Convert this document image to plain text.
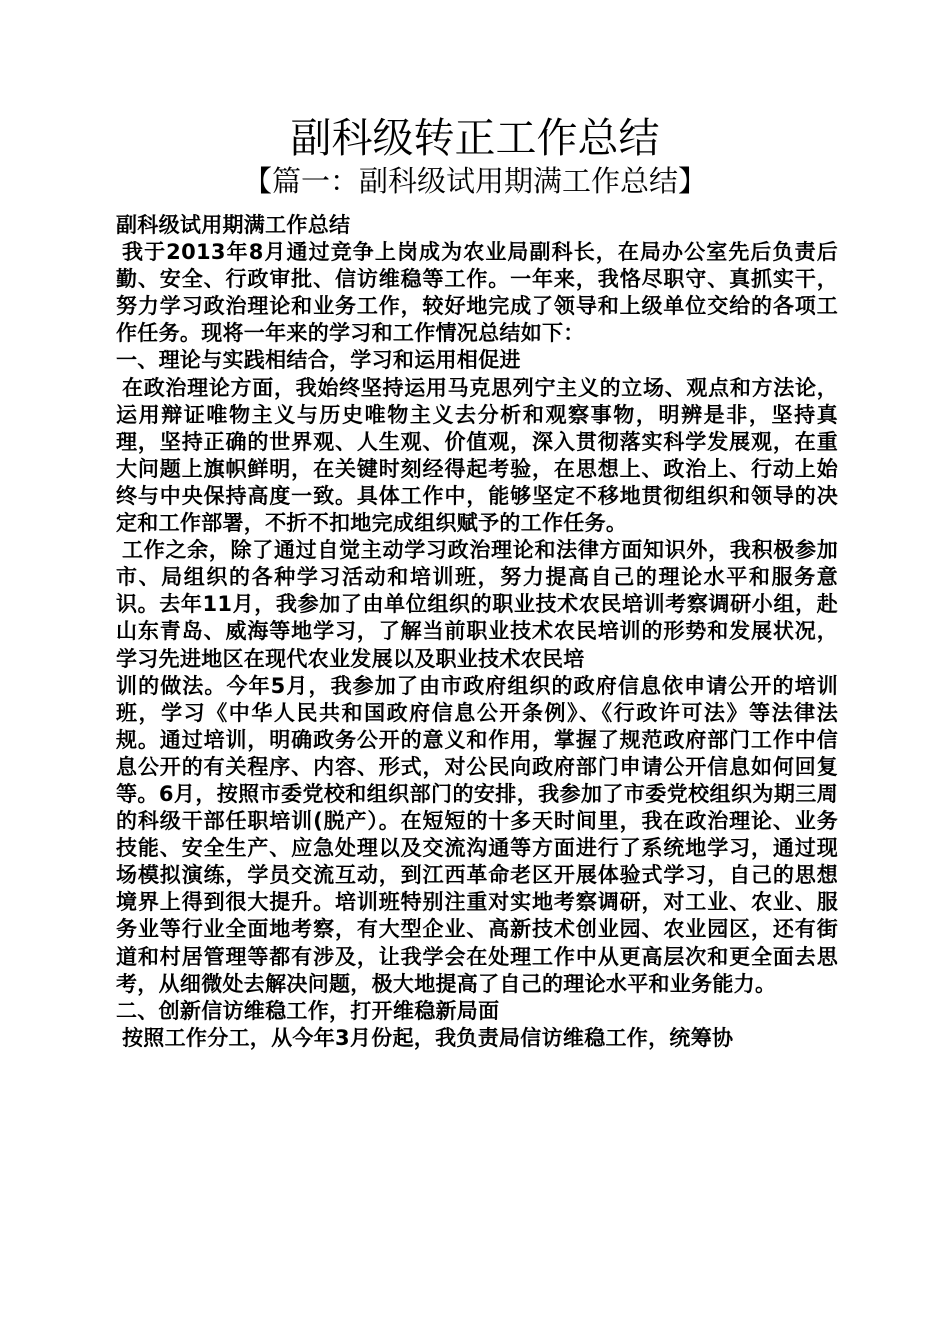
副科级转正工作总结
【篇一：副科级试用期满工作总结】

副科级试用期满工作总结

我于2013年8月通过竞争上岗成为农业局副科长，在局办公室先后负责后勤、安全、行政审批、信访维稳等工作。一年来，我恪尽职守、真抓实干，努力学习政治理论和业务工作，较好地完成了领导和上级单位交给的各项工作任务。现将一年来的学习和工作情况总结如下：

一、理论与实践相结合，学习和运用相促进

在政治理论方面，我始终坚持运用马克思列宁主义的立场、观点和方法论，运用辩证唯物主义与历史唯物主义去分析和观察事物，明辨是非，坚持真理，坚持正确的世界观、人生观、价值观，深入贯彻落实科学发展观，在重大问题上旗帜鲜明，在关键时刻经得起考验，在思想上、政治上、行动上始终与中央保持高度一致。具体工作中，能够坚定不移地贯彻组织和领导的决定和工作部署，不折不扣地完成组织赋予的工作任务。

工作之余，除了通过自觉主动学习政治理论和法律方面知识外，我积极参加市、局组织的各种学习活动和培训班，努力提高自己的理论水平和服务意识。去年11月，我参加了由单位组织的职业技术农民培训考察调研小组，赴山东青岛、威海等地学习，了解当前职业技术农民培训的形势和发展状况，学习先进地区在现代农业发展以及职业技术农民培

训的做法。今年5月，我参加了由市政府组织的政府信息依申请公开的培训班，学习《中华人民共和国政府信息公开条例》、《行政许可法》等法律法规。通过培训，明确政务公开的意义和作用，掌握了规范政府部门工作中信息公开的有关程序、内容、形式，对公民向政府部门申请公开信息如何回复等。6月，按照市委党校和组织部门的安排，我参加了市委党校组织为期三周的科级干部任职培训(脱产）。在短短的十多天时间里，我在政治理论、业务技能、安全生产、应急处理以及交流沟通等方面进行了系统地学习，通过现场模拟演练，学员交流互动，到江西革命老区开展体验式学习，自己的思想境界上得到很大提升。培训班特别注重对实地考察调研，对工业、农业、服务业等行业全面地考察，有大型企业、高新技术创业园、农业园区，还有街道和村居管理等都有涉及，让我学会在处理工作中从更高层次和更全面去思考，从细微处去解决问题，极大地提高了自己的理论水平和业务能力。

二、创新信访维稳工作，打开维稳新局面

按照工作分工，从今年3月份起，我负责局信访维稳工作，统筹协
